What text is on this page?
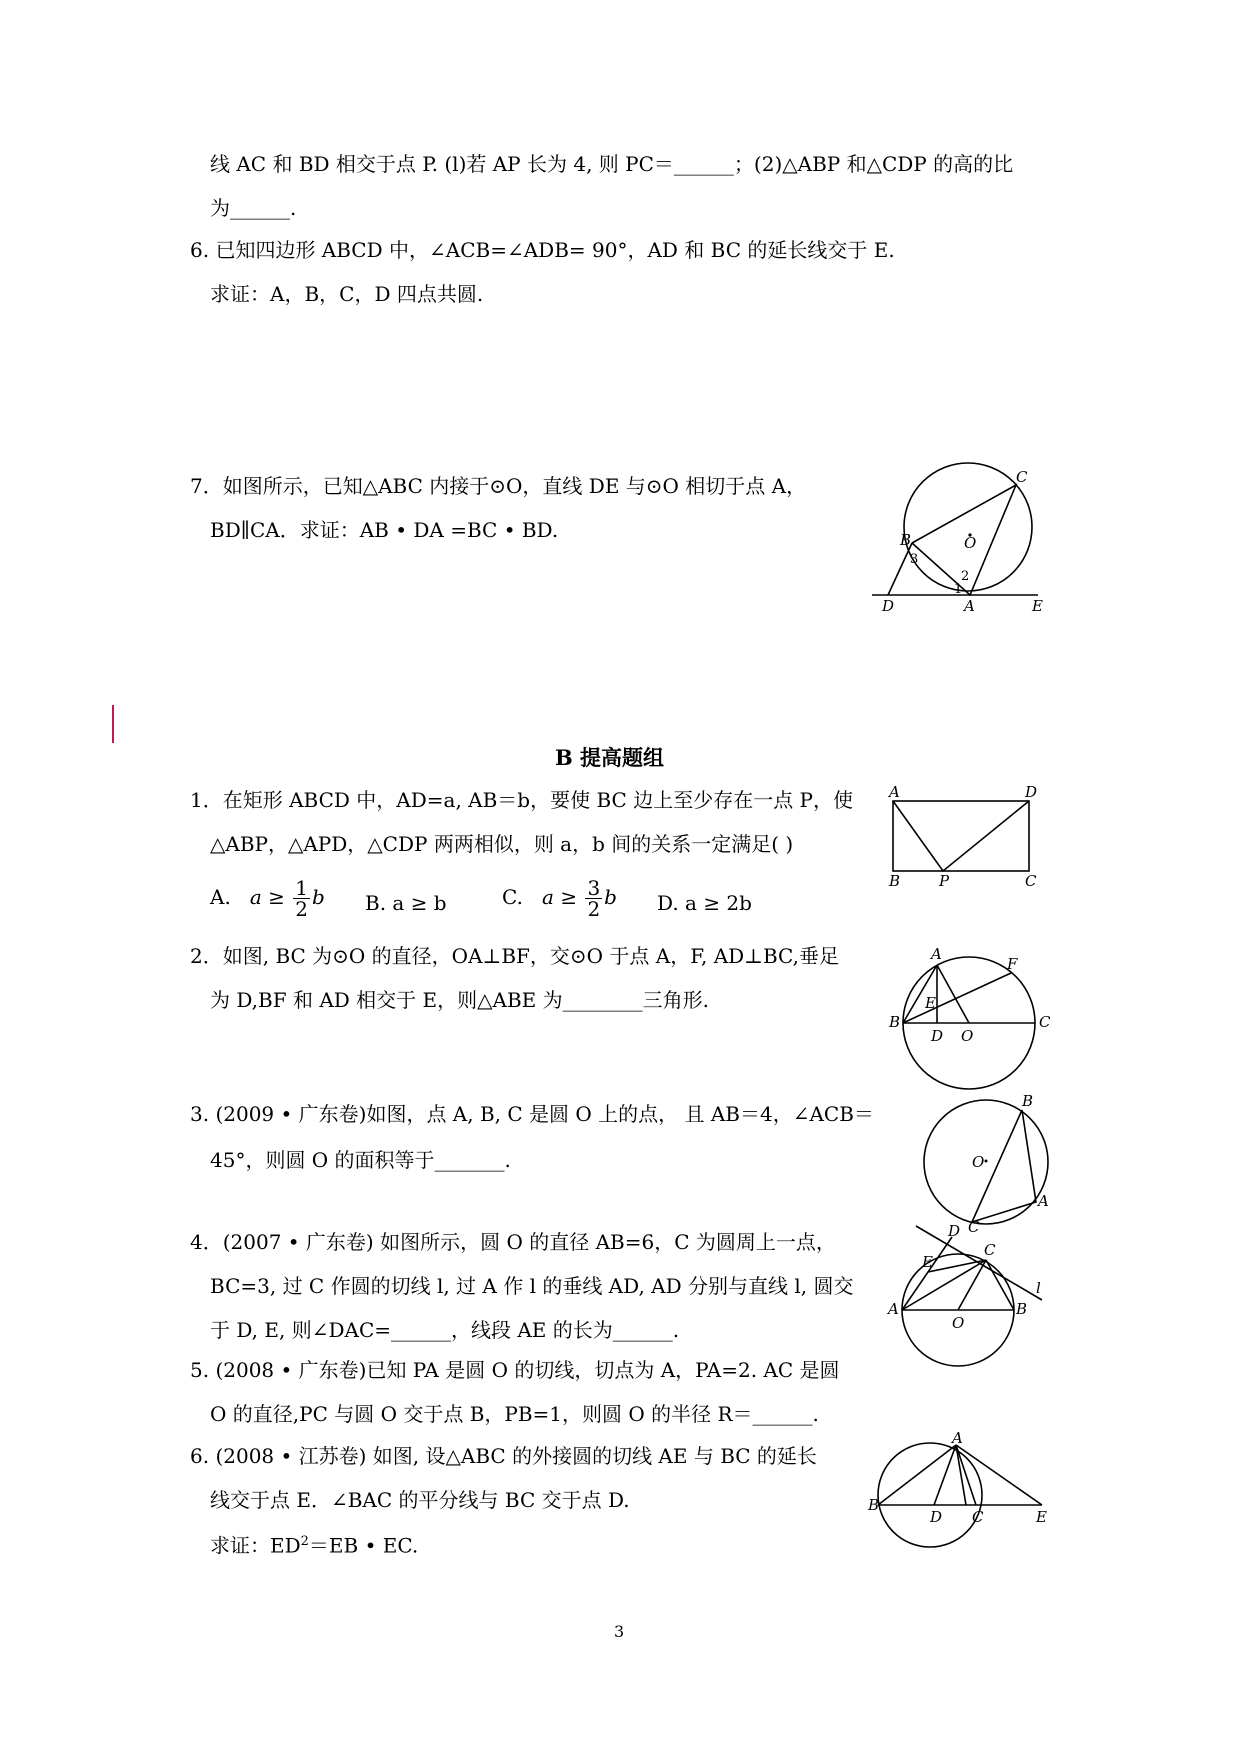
线 AC 和 BD 相交于点 P. (l)若 AP 长为 4, 则 PC＝______；(2)△ABP 和△CDP 的高的比
为______.
6. 已知四边形 ABCD 中，∠ACB=∠ADB= 90°，AD 和 BC 的延长线交于 E.
求证：A，B，C，D 四点共圆.
7．如图所示，已知△ABC 内接于⊙O，直线 DE 与⊙O 相切于点 A，
BD∥CA．求证：AB • DA =BC • BD.
C
B
3
O
1
2
D	A	E
B 提高题组
1．在矩形 ABCD 中，AD=a, AB＝b，要使 BC 边上至少存在一点 P，使
△ABP，△APD，△CDP 两两相似，则 a，b 间的关系一定满足( )
A. $a \ge \frac{1}{2}$ b B. a ≥ b	C. $a \ge \frac{3}{2}$ b D. a ≥ 2b
A	D
B	P	C
2．如图, BC 为⊙O 的直径，OA⊥BF，交⊙O 于点 A，F, AD⊥BC,垂足
为 D,BF 和 AD 相交于 E，则△ABE 为________三角形.
A
F
E
B
D O
C
3. (2009 • 广东卷)如图，点 A, B, C 是圆 O 上的点， 且 AB＝4，∠ACB＝
45°，则圆 O 的面积等于_______.
B
O
A
C
4．(2007 • 广东卷) 如图所示，圆 O 的直径 AB=6，C 为圆周上一点，
BC=3, 过 C 作圆的切线 l, 过 A 作 l 的垂线 AD, AD 分别与直线 l, 圆交
于 D, E, 则∠DAC=______，线段 AE 的长为______.
D
E
C
l
A
O
B
5. (2008 • 广东卷)已知 PA 是圆 O 的切线，切点为 A，PA=2. AC 是圆
O 的直径,PC 与圆 O 交于点 B，PB=1，则圆 O 的半径 R＝______.
6. (2008 • 江苏卷) 如图, 设△ABC 的外接圆的切线 AE 与 BC 的延长
线交于点 E．∠BAC 的平分线与 BC 交于点 D.
求证：$ED^2=EB$ • EC.
A
B
D C	E
3
